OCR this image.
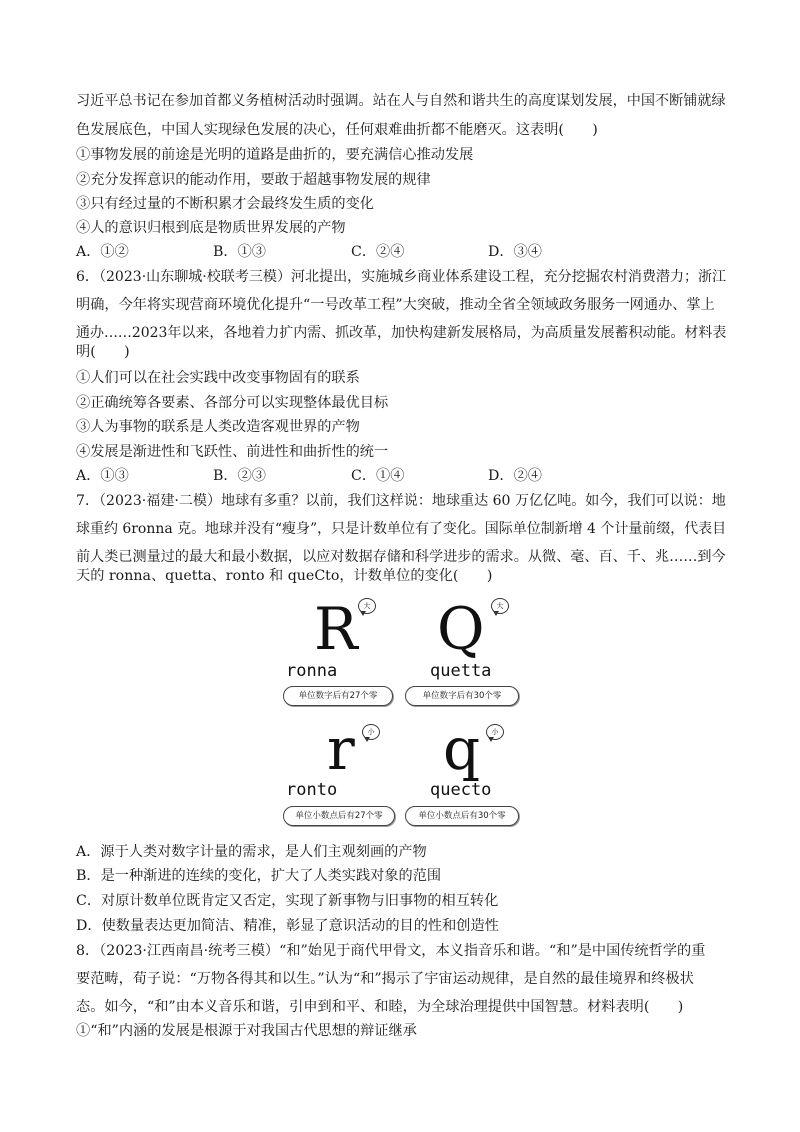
习近平总书记在参加首都义务植树活动时强调。站在人与自然和谐共生的高度谋划发展，中国不断铺就绿
色发展底色，中国人实现绿色发展的决心，任何艰难曲折都不能磨灭。这表明(　　)
①事物发展的前途是光明的道路是曲折的，要充满信心推动发展
②充分发挥意识的能动作用，要敢于超越事物发展的规律
③只有经过量的不断积累才会最终发生质的变化
④人的意识归根到底是物质世界发展的产物
A．①②	B．①③	C．②④	D．③④
6．（2023·山东聊城·校联考三模）河北提出，实施城乡商业体系建设工程，充分挖掘农村消费潜力；浙江
明确，今年将实现营商环境优化提升“一号改革工程”大突破，推动全省全领域政务服务一网通办、掌上
通办……2023年以来，各地着力扩内需、抓改革，加快构建新发展格局，为高质量发展蓄积动能。材料表
明(　　)
①人们可以在社会实践中改变事物固有的联系
②正确统筹各要素、各部分可以实现整体最优目标
③人为事物的联系是人类改造客观世界的产物
④发展是渐进性和飞跃性、前进性和曲折性的统一
A．①③	B．②③	C．①④	D．②④
7．（2023·福建·二模）地球有多重？以前，我们这样说：地球重达 60 万亿亿吨。如今，我们可以说：地
球重约 6ronna 克。地球并没有“瘦身”，只是计数单位有了变化。国际单位制新增 4 个计量前缀，代表目
前人类已测量过的最大和最小数据，以应对数据存储和科学进步的需求。从微、毫、百、千、兆……到今
天的 ronna、quetta、ronto 和 queCto，计数单位的变化(　　)
R 大
ronna
单位数字后有27个零
Q	大
quetta
单位数字后有30个零
r	小
ronto
单位小数点后有27个零
q	小
quecto
单位小数点后有30个零
A．源于人类对数字计量的需求，是人们主观刻画的产物
B．是一种渐进的连续的变化，扩大了人类实践对象的范围
C．对原计数单位既肯定又否定，实现了新事物与旧事物的相互转化
D．使数量表达更加简洁、精准，彰显了意识活动的目的性和创造性
8．（2023·江西南昌·统考三模）“和”始见于商代甲骨文，本义指音乐和谐。“和”是中国传统哲学的重
要范畴，荀子说：“万物各得其和以生。”认为“和”揭示了宇宙运动规律，是自然的最佳境界和终极状
态。如今，“和”由本义音乐和谐，引申到和平、和睦，为全球治理提供中国智慧。材料表明(　　)
①“和”内涵的发展是根源于对我国古代思想的辩证继承
